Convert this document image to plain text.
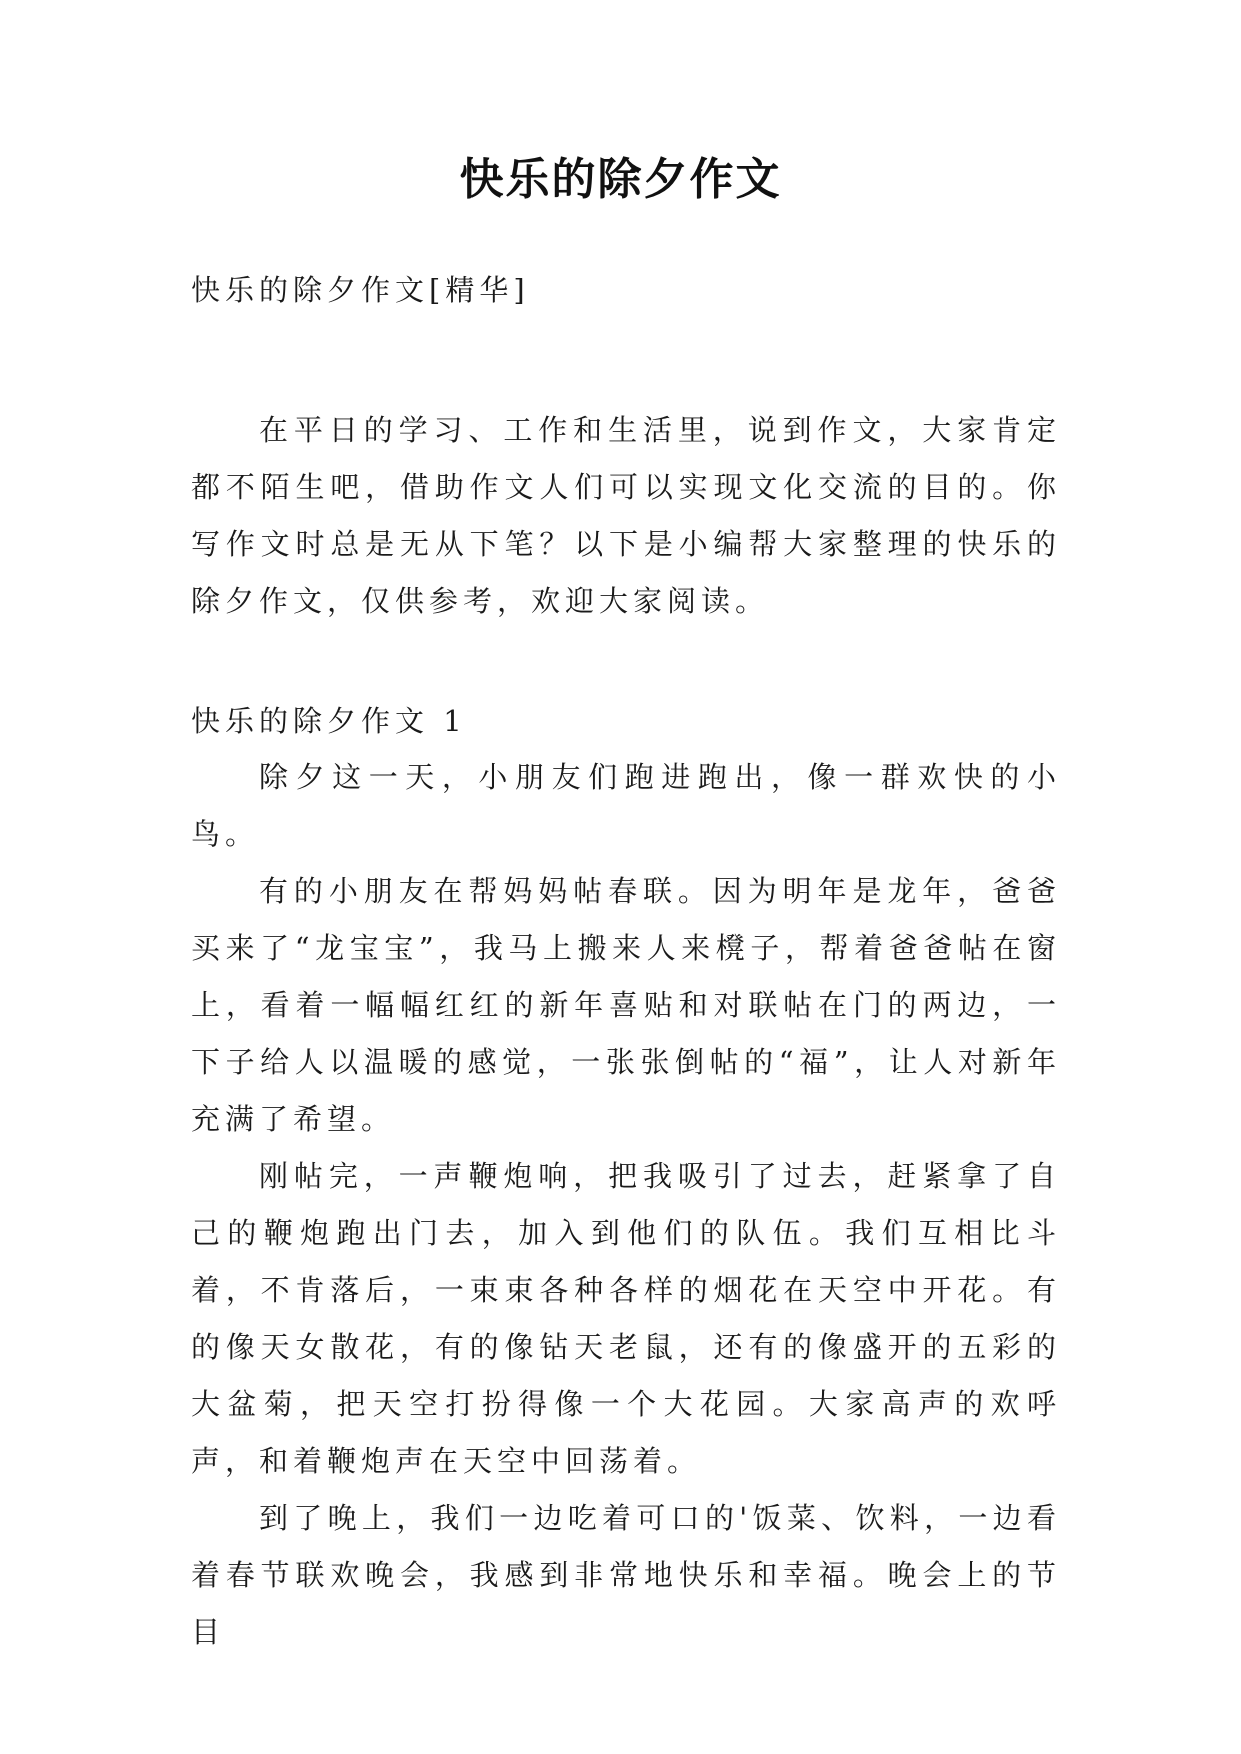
快乐的除夕作文

快乐的除夕作文[精华]

在平日的学习、工作和生活里，说到作文，大家肯定都不陌生吧，借助作文人们可以实现文化交流的目的。你写作文时总是无从下笔？以下是小编帮大家整理的快乐的除夕作文，仅供参考，欢迎大家阅读。

快乐的除夕作文 1

除夕这一天，小朋友们跑进跑出，像一群欢快的小鸟。

有的小朋友在帮妈妈帖春联。因为明年是龙年，爸爸买来了“龙宝宝”，我马上搬来人来櫈子，帮着爸爸帖在窗上，看着一幅幅红红的新年喜贴和对联帖在门的两边，一下子给人以温暖的感觉，一张张倒帖的“福”，让人对新年充满了希望。

刚帖完，一声鞭炮响，把我吸引了过去，赶紧拿了自己的鞭炮跑出门去，加入到他们的队伍。我们互相比斗着，不肯落后，一束束各种各样的烟花在天空中开花。有的像天女散花，有的像钻天老鼠，还有的像盛开的五彩的大盆菊，把天空打扮得像一个大花园。大家高声的欢呼声，和着鞭炮声在天空中回荡着。

到了晚上，我们一边吃着可口的'饭菜、饮料，一边看着春节联欢晚会，我感到非常地快乐和幸福。晚会上的节目
